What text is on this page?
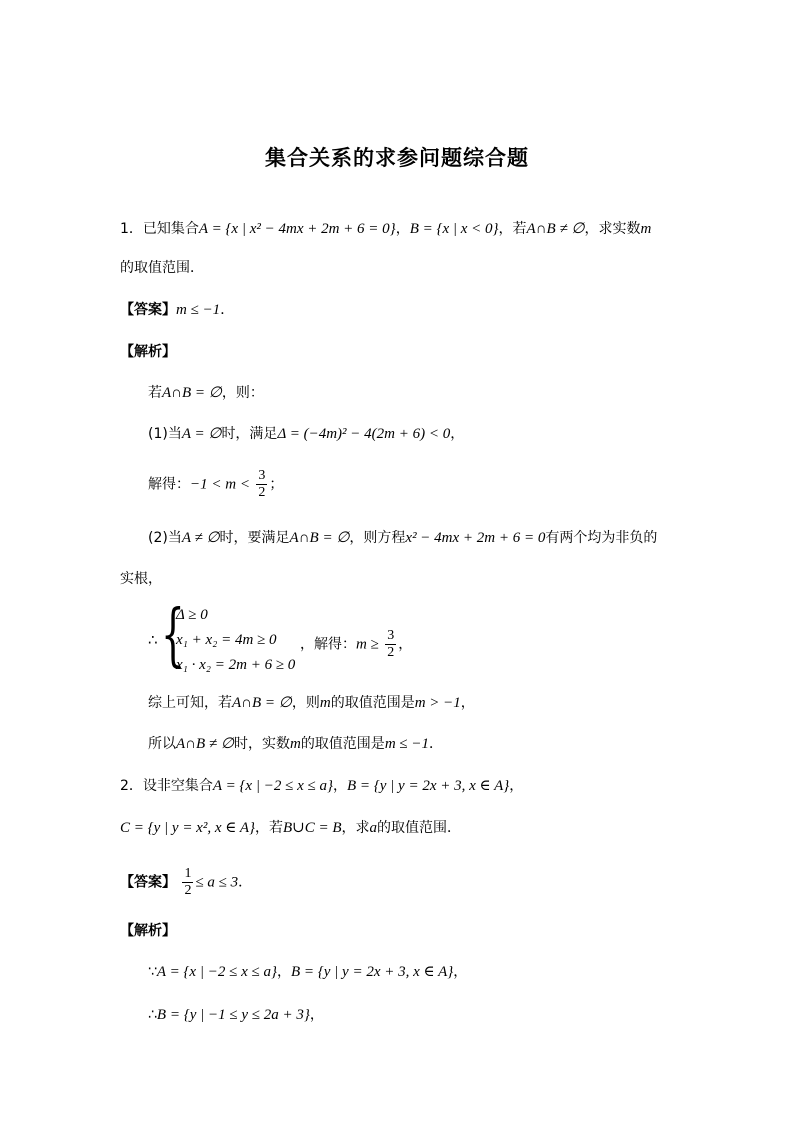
集合关系的求参问题综合题
1．已知集合A = {x | x² − 4mx + 2m + 6 = 0}，B = {x | x < 0}，若A∩B ≠ ∅，求实数m
的取值范围．
【答案】m ≤ −1．
【解析】
若A∩B = ∅，则：
(1)当A = ∅时，满足Δ = (−4m)² − 4(2m + 6) < 0，
解得：$-1 < m < \frac{3}{2}$ ；
(2)当A ≠ ∅时，要满足A∩B = ∅，则方程x² − 4mx + 2m + 6 = 0有两个均为非负的
实根，
∴ {
Δ ≥ 0
x₁ + x₂ = 4m ≥ 0
x₁ · x₂ = 2m + 6 ≥ 0
，解得：$m \ge \frac{3}{2}$ ，
综上可知，若A∩B = ∅，则m的取值范围是m > −1，
所以A∩B ≠ ∅时，实数m的取值范围是m ≤ −1．
2．设非空集合A = {x | −2 ≤ x ≤ a}，B = {y | y = 2x + 3, x ∈ A}，
C = {y | y = x², x ∈ A}，若B∪C = B，求a的取值范围．
【答案】 $\frac{1}{2} \le a \le 3$．
【解析】
∵A = {x | −2 ≤ x ≤ a}，B = {y | y = 2x + 3, x ∈ A}，
∴B = {y | −1 ≤ y ≤ 2a + 3}，
